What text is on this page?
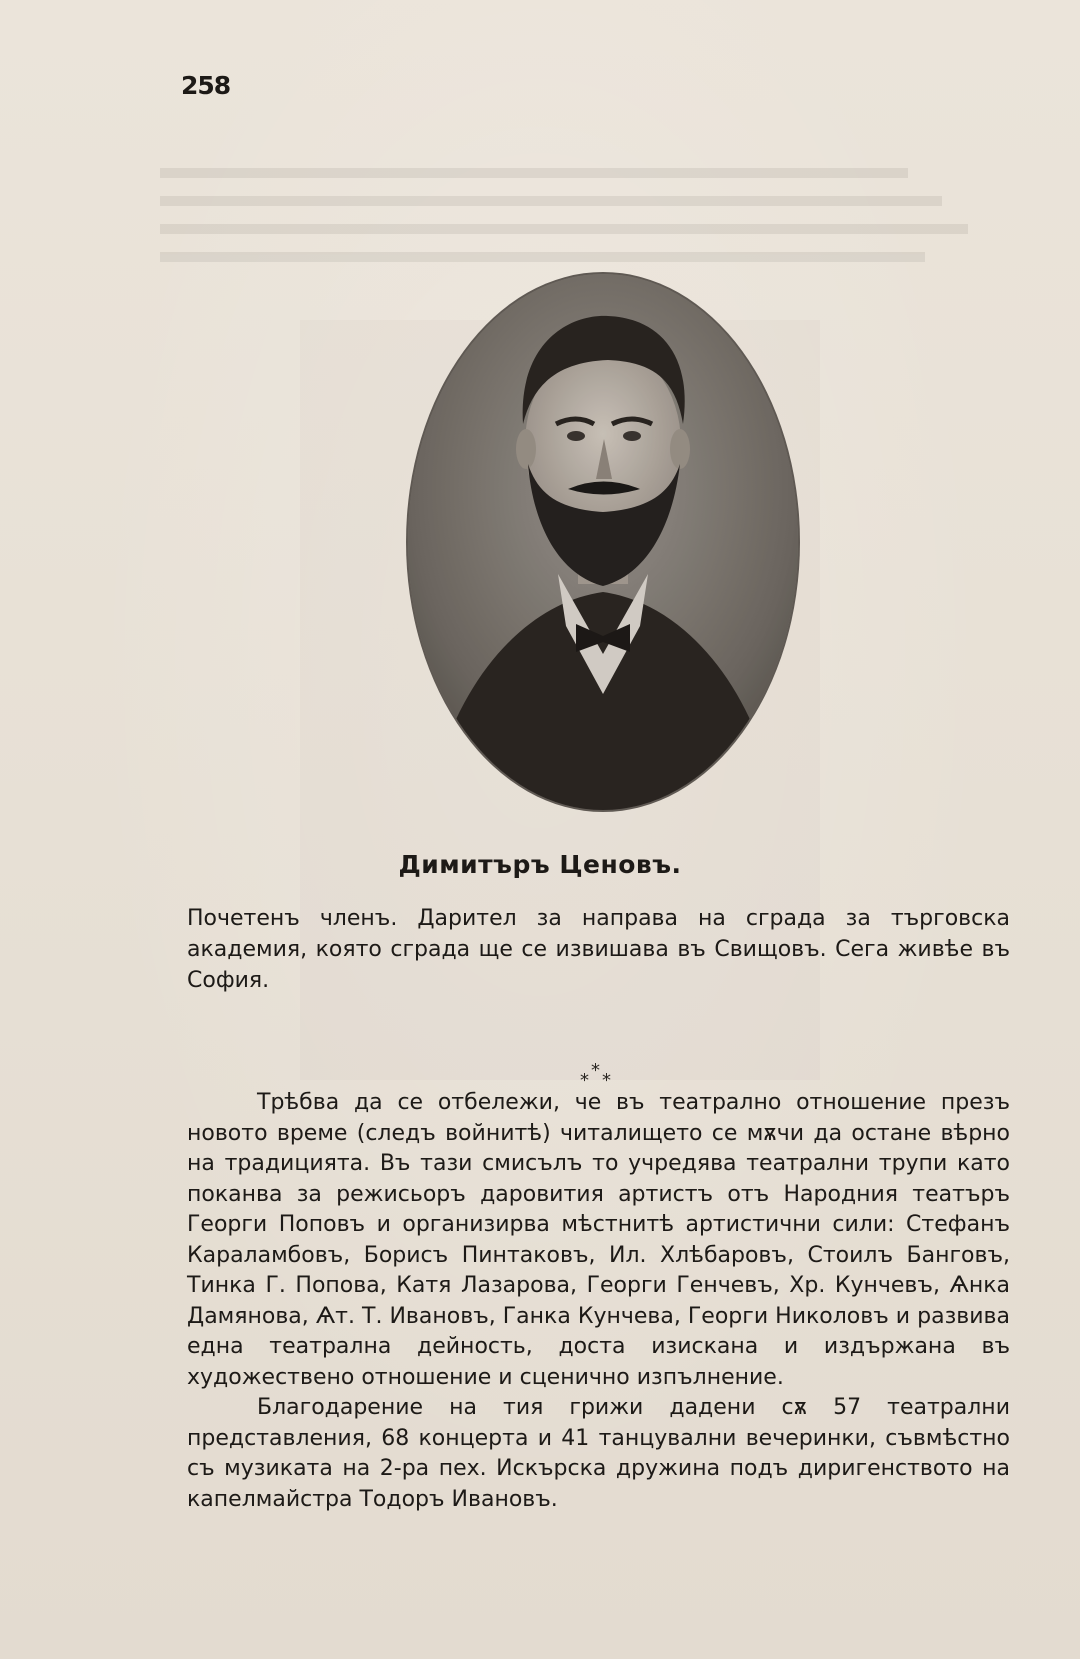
258
Димитъръ Ценовъ.
Почетенъ членъ. Дарител за направа на сграда за търговска академия, която сграда ще се извишава въ Свищовъ. Сега живѣе въ София.
*
* *

Трѣбва да се отбележи, че въ театрално отношение презъ новото време (следъ войнитѣ) читалището се мѫчи да остане вѣрно на традицията. Въ тази смисълъ то учредява театрални трупи като поканва за режисьоръ даровития артистъ отъ Народния театъръ Георги Поповъ и организирва мѣстнитѣ артистични сили: Стефанъ Караламбовъ, Борисъ Пинтаковъ, Ил. Хлѣбаровъ, Стоилъ Бангoвъ, Тинка Г. Попова, Катя Лазарова, Георги Генчевъ, Хр. Кунчевъ, Ѧнка Дамянова, Ѧт. Т. Ивановъ, Ганка Кунчева, Георги Николовъ и развива една театрална дейность, доста изискана и издържана въ художествено отношение и сценично изпълнение.

Благодарение на тия грижи дадени сѫ 57 театрални представления, 68 концерта и 41 танцувални вечеринки, съвмѣстно съ музиката на 2-ра пех. Искърска дружина подъ диригенството на капелмайстра Тодоръ Ивановъ.
